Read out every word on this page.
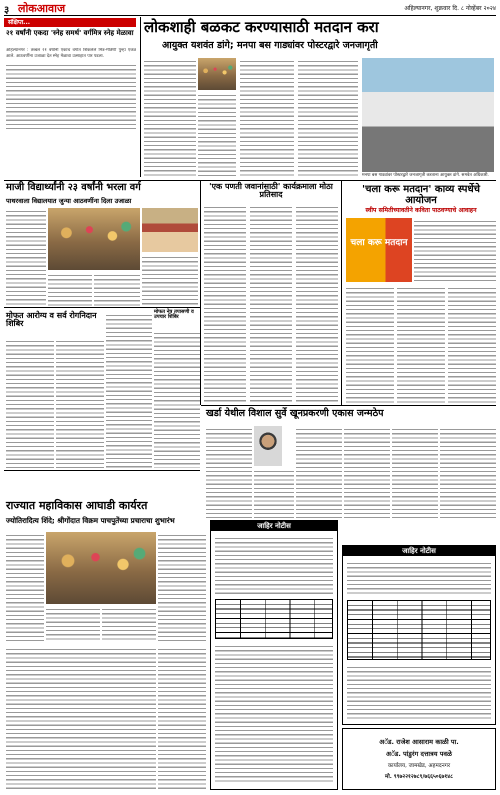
३ लोकआवाज	अहिल्यानगर, शुक्रवार दि. ८ नोव्हेंबर २०२४
संक्षिप्त...
२१ वर्षांनी एकदा 'स्नेह समर्थ' वर्गमित्र स्नेह मेळावा
अहिल्यानगर : तब्बल २१ वर्षांनी एकाच वर्गात शिकलेले मित्र-मैत्रिणी पुन्हा एकत्र आले. आठवणींना उजाळा देत स्नेह मेळावा उत्साहात पार पडला.
लोकशाही बळकट करण्यासाठी मतदान करा
आयुक्त यशवंत डांगे; मनपा बस गाड्यांवर पोस्टरद्वारे जनजागृती
मनपा बस गाड्यांवर पोस्टरद्वारे जनजागृती करताना आयुक्त डांगे. समवेत अधिकारी.
माजी विद्यार्थ्यांनी २३ वर्षांनी भरला वर्ग
पाथरवाला विद्यालयात जुन्या आठवणींना दिला उजाळा
'एक पणती जवानांसाठी' कार्यक्रमाला मोठा प्रतिसाद	'चला करू मतदान' काव्य स्पर्धेचे आयोजन
स्वीप समितीच्यावतीने कविता पाठवण्याचे आवाहन
चला करू मतदान
मोफत आरोग्य व सर्व रोगनिदान शिबिर
मोफत नेत्र तपासणी व उपचार शिबिर
खर्डा येथील विशाल सुर्वे खूनप्रकरणी एकास जन्मठेप
राज्यात महाविकास आघाडी कार्यरत
ज्योतिरादित्य शिंदे; श्रीगोंदात विक्रम पाचपुतेंच्या प्रचाराचा शुभारंभ
जाहिर नोटीस
जाहिर नोटीस
अॅड. राजेश आसाराम काळी पा.
अॅड. पांडुरंग दत्तात्रय पवळे
कार्यालय, जामखेड, अहमदनगर
मो. ९९७२२१२७८९/७६६५०६७१४८
